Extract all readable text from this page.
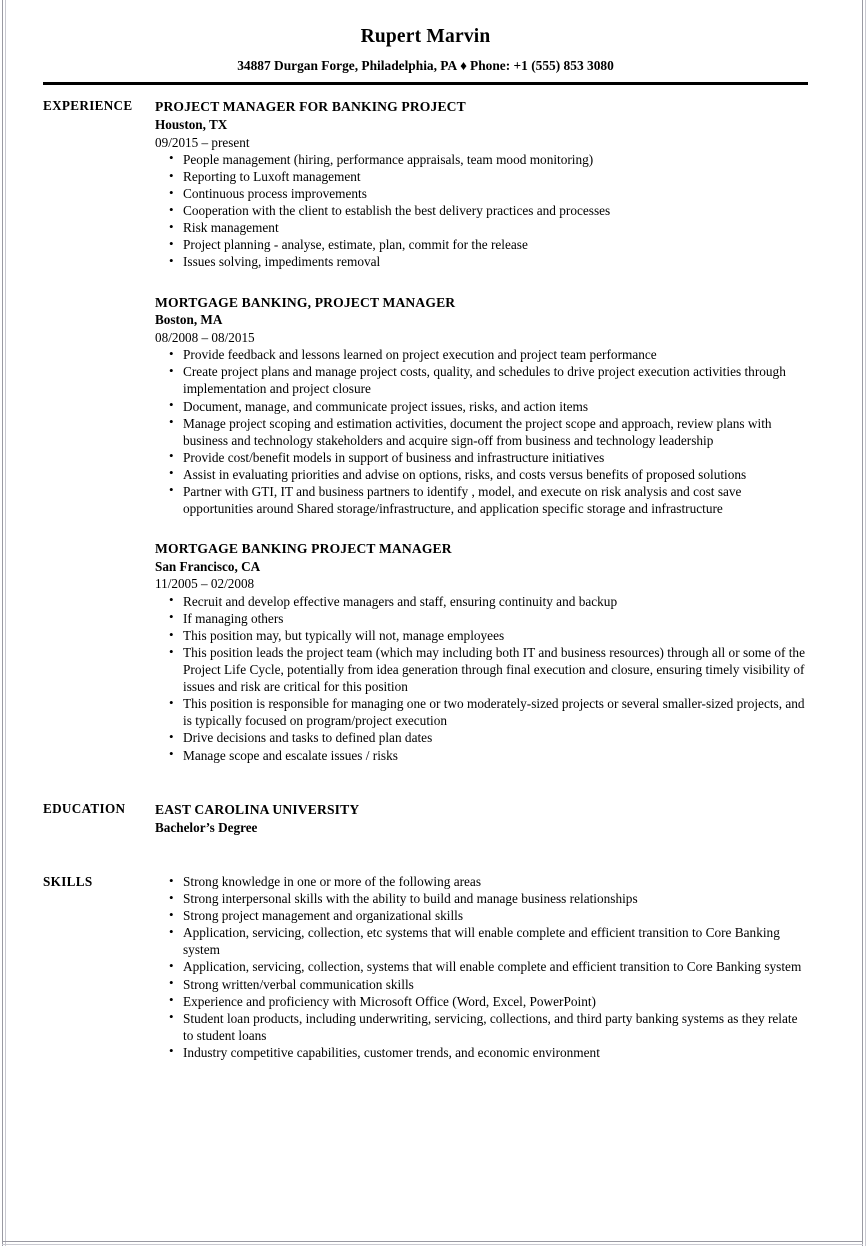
Rupert Marvin
34887 Durgan Forge, Philadelphia, PA ♦ Phone: +1 (555) 853 3080
EXPERIENCE	PROJECT MANAGER FOR BANKING PROJECT
Houston, TX
09/2015 – present
• People management (hiring, performance appraisals, team mood monitoring)
• Reporting to Luxoft management
• Continuous process improvements
• Cooperation with the client to establish the best delivery practices and processes
• Risk management
• Project planning - analyse, estimate, plan, commit for the release
• Issues solving, impediments removal
MORTGAGE BANKING, PROJECT MANAGER
Boston, MA
08/2008 – 08/2015
• Provide feedback and lessons learned on project execution and project team performance
• Create project plans and manage project costs, quality, and schedules to drive project execution activities through implementation and project closure
• Document, manage, and communicate project issues, risks, and action items
• Manage project scoping and estimation activities, document the project scope and approach, review plans with business and technology stakeholders and acquire sign-off from business and technology leadership
• Provide cost/benefit models in support of business and infrastructure initiatives
• Assist in evaluating priorities and advise on options, risks, and costs versus benefits of proposed solutions
• Partner with GTI, IT and business partners to identify , model, and execute on risk analysis and cost save opportunities around Shared storage/infrastructure, and application specific storage and infrastructure
MORTGAGE BANKING PROJECT MANAGER
San Francisco, CA
11/2005 – 02/2008
• Recruit and develop effective managers and staff, ensuring continuity and backup
• If managing others
• This position may, but typically will not, manage employees
• This position leads the project team (which may including both IT and business resources) through all or some of the Project Life Cycle, potentially from idea generation through final execution and closure, ensuring timely visibility of issues and risk are critical for this position
• This position is responsible for managing one or two moderately-sized projects or several smaller-sized projects, and is typically focused on program/project execution
• Drive decisions and tasks to defined plan dates
• Manage scope and escalate issues / risks
EDUCATION	EAST CAROLINA UNIVERSITY
Bachelor’s Degree
SKILLS	• Strong knowledge in one or more of the following areas
• Strong interpersonal skills with the ability to build and manage business relationships
• Strong project management and organizational skills
• Application, servicing, collection, etc systems that will enable complete and efficient transition to Core Banking system
• Application, servicing, collection, systems that will enable complete and efficient transition to Core Banking system
• Strong written/verbal communication skills
• Experience and proficiency with Microsoft Office (Word, Excel, PowerPoint)
• Student loan products, including underwriting, servicing, collections, and third party banking systems as they relate to student loans
• Industry competitive capabilities, customer trends, and economic environment
